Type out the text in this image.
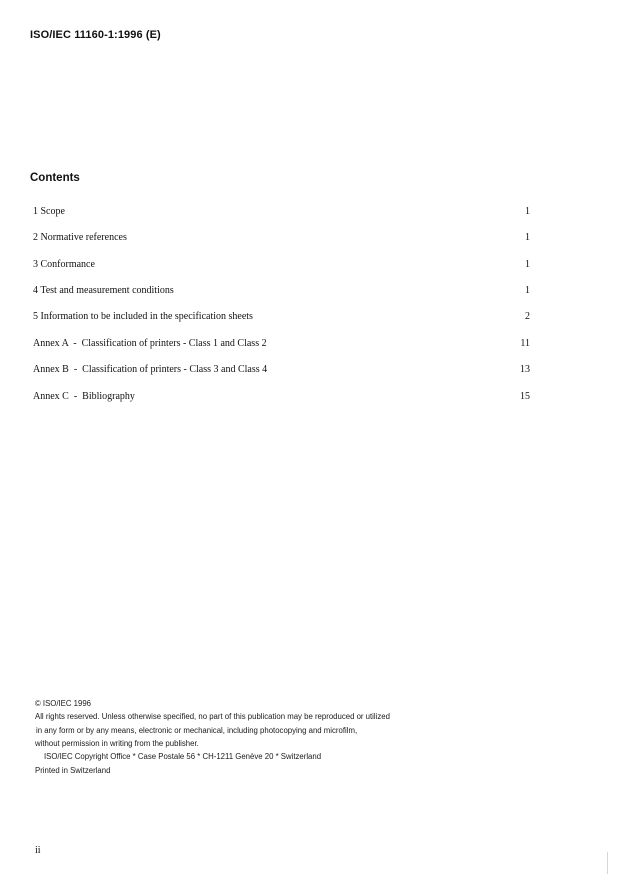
ISO/IEC 11160-1:1996 (E)
Contents
1 Scope	1
2 Normative references	1
3 Conformance	1
4 Test and measurement conditions	1
5 Information to be included in the specification sheets	2
Annex A  -  Classification of printers - Class 1 and Class 2	11
Annex B  -  Classification of printers - Class 3 and Class 4	13
Annex C  -  Bibliography	15
© ISO/IEC 1996
All rights reserved. Unless otherwise specified, no part of this publication may be reproduced or utilized
in any form or by any means, electronic or mechanical, including photocopying and microfilm,
without permission in writing from the publisher.
ISO/IEC Copyright Office * Case Postale 56 * CH-1211 Genève 20 * Switzerland
Printed in Switzerland
ii
